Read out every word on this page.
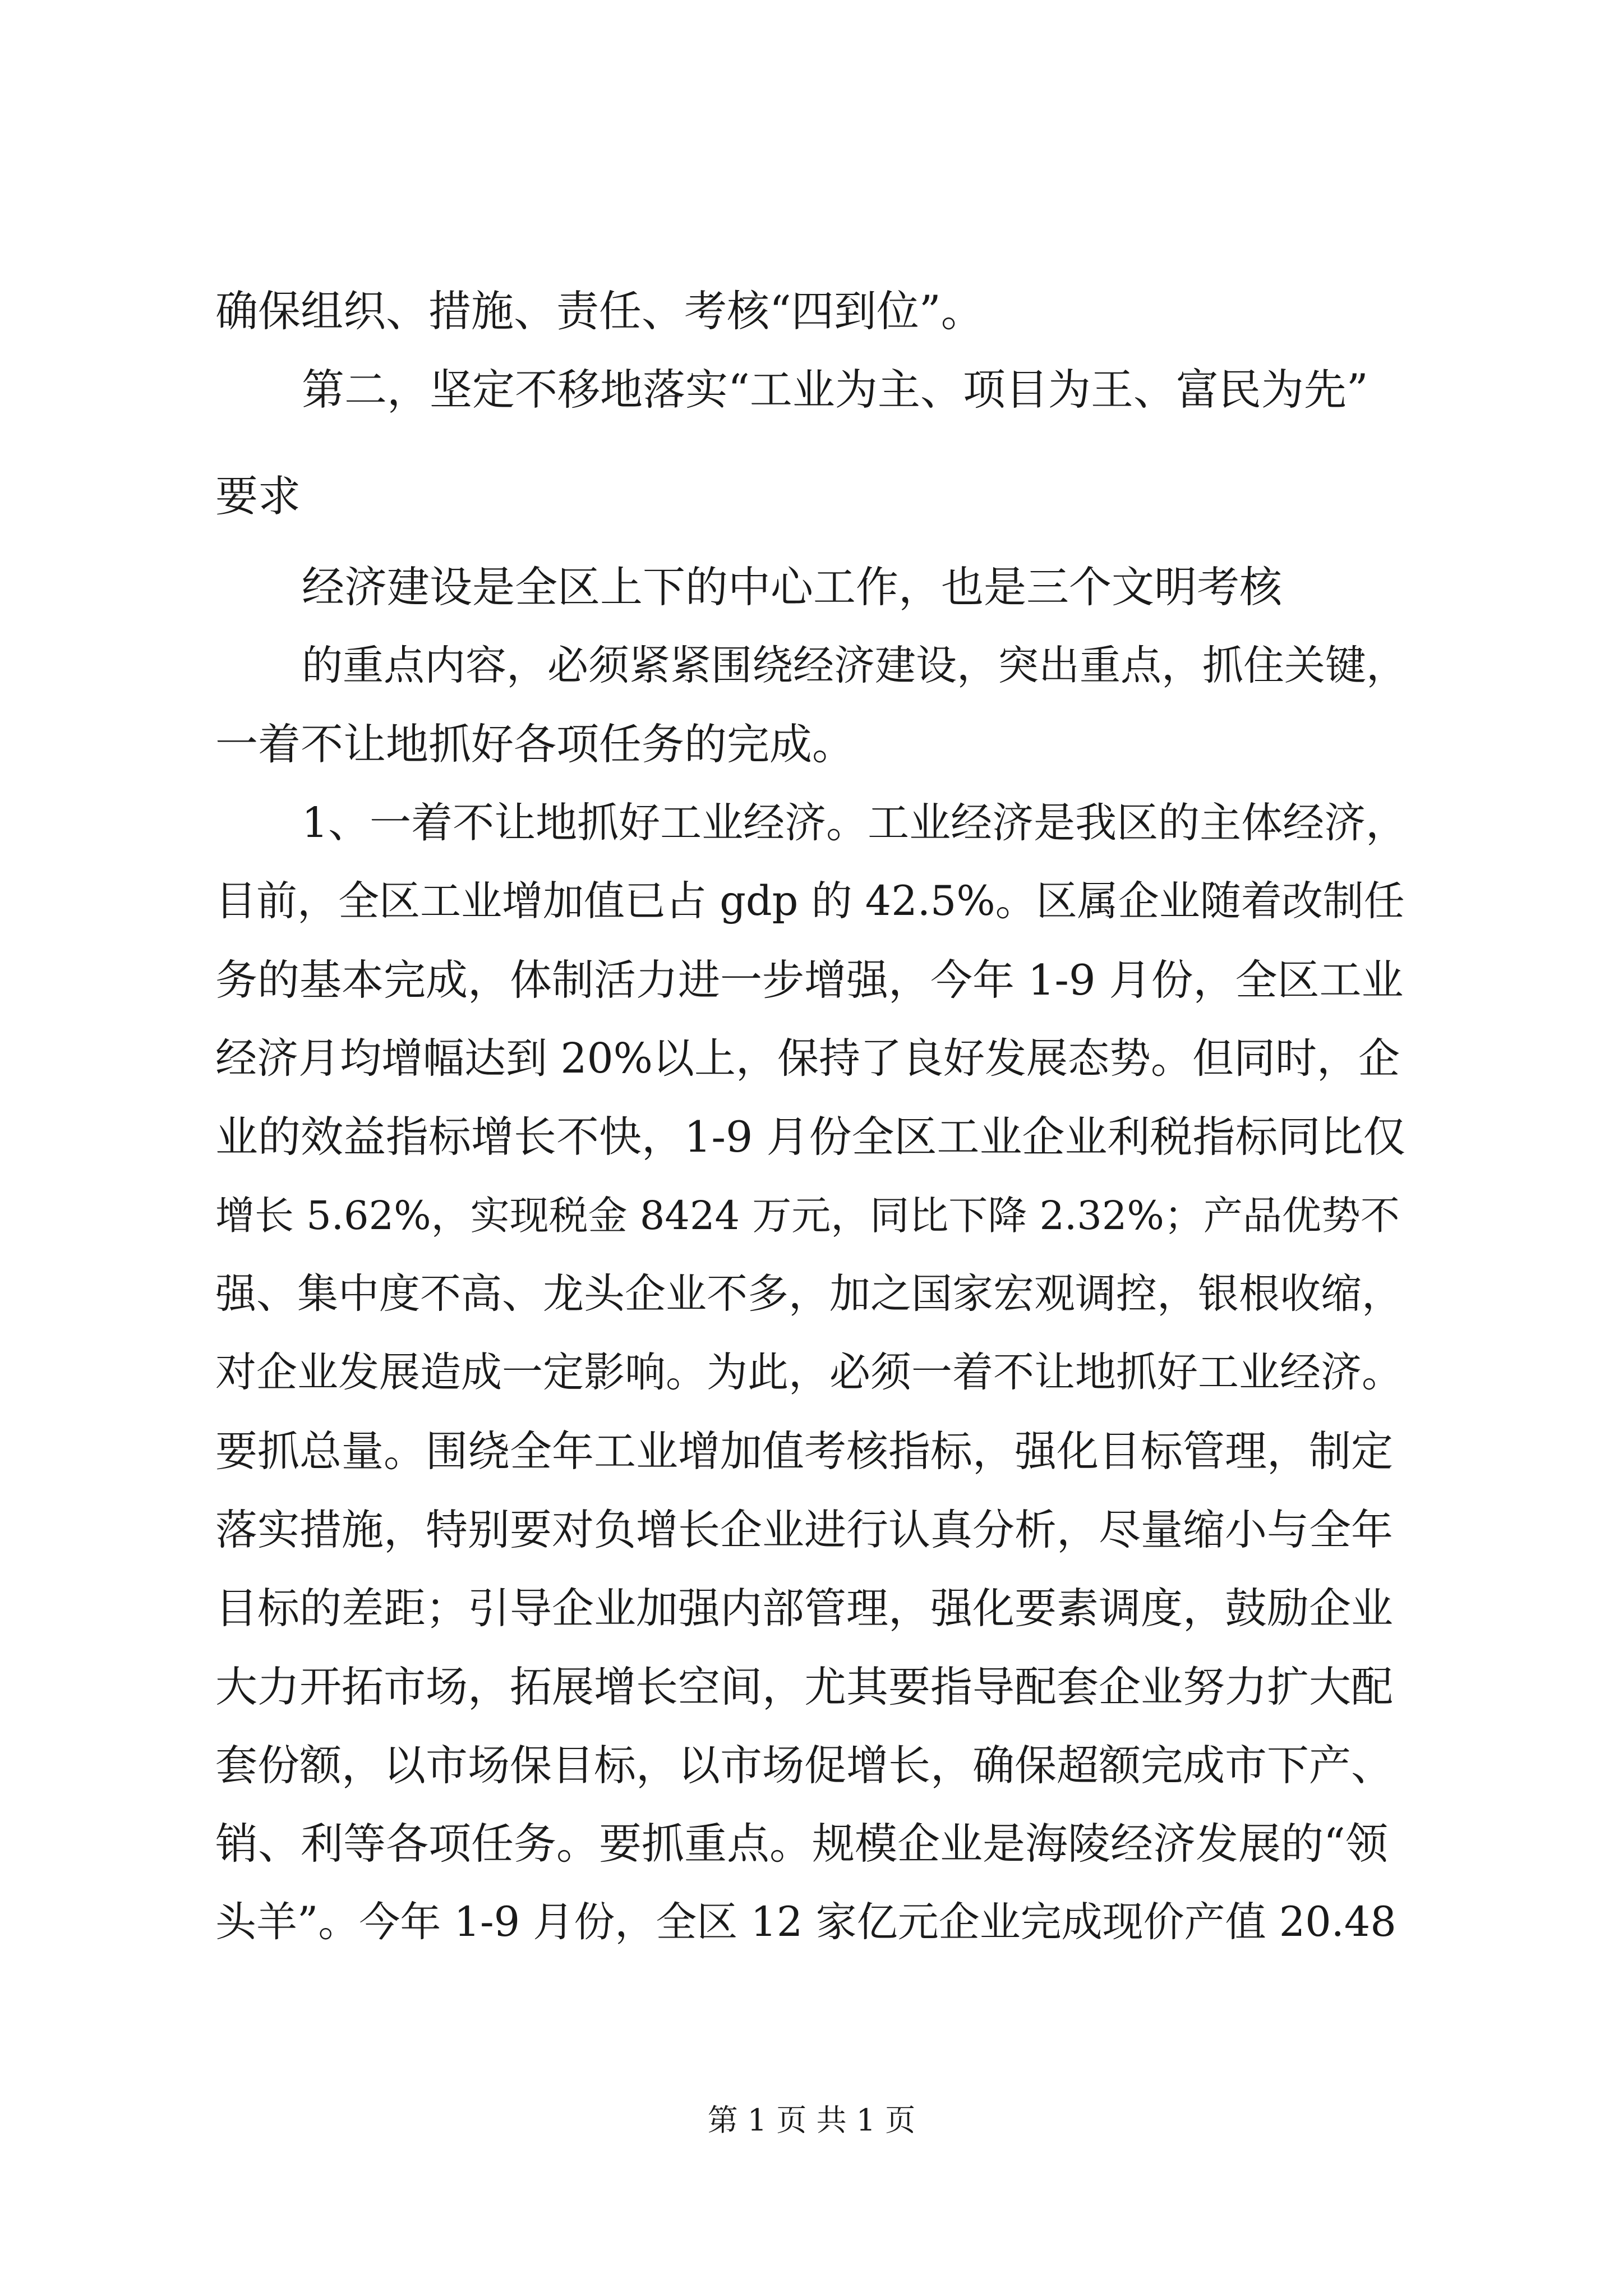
确保组织、措施、责任、考核“四到位”。
第二，坚定不移地落实“工业为主、项目为王、富民为先”
要求
经济建设是全区上下的中心工作，也是三个文明考核
的重点内容，必须紧紧围绕经济建设，突出重点，抓住关键，
一着不让地抓好各项任务的完成。
1、一着不让地抓好工业经济。工业经济是我区的主体经济，
目前，全区工业增加值已占 gdp 的 42.5%。区属企业随着改制任
务的基本完成，体制活力进一步增强，今年 1-9 月份，全区工业
经济月均增幅达到 20%以上，保持了良好发展态势。但同时，企
业的效益指标增长不快，1-9 月份全区工业企业利税指标同比仅
增长 5.62%，实现税金 8424 万元，同比下降 2.32%；产品优势不
强、集中度不高、龙头企业不多，加之国家宏观调控，银根收缩，
对企业发展造成一定影响。为此，必须一着不让地抓好工业经济。
要抓总量。围绕全年工业增加值考核指标，强化目标管理，制定
落实措施，特别要对负增长企业进行认真分析，尽量缩小与全年
目标的差距；引导企业加强内部管理，强化要素调度，鼓励企业
大力开拓市场，拓展增长空间，尤其要指导配套企业努力扩大配
套份额，以市场保目标，以市场促增长，确保超额完成市下产、
销、利等各项任务。要抓重点。规模企业是海陵经济发展的“领
头羊”。今年 1-9 月份，全区 12 家亿元企业完成现价产值 20.48
第 1 页 共 1 页
